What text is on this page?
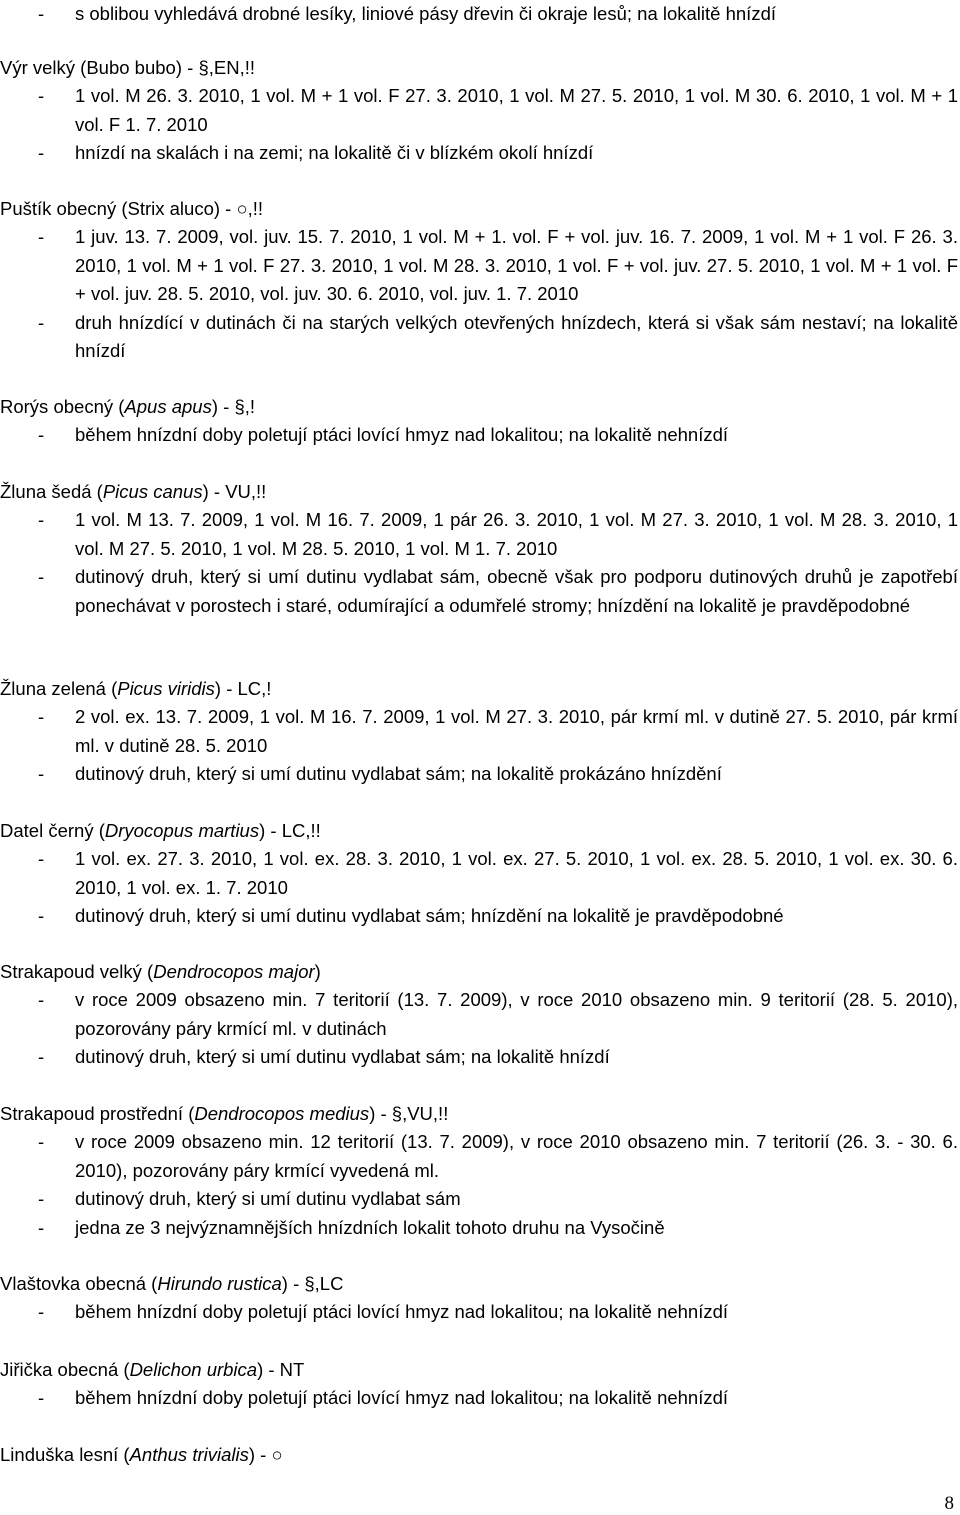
- s oblibou vyhledává drobné lesíky, liniové pásy dřevin či okraje lesů; na lokalitě hnízdí
Výr velký (Bubo bubo) - §,EN,!!
- 1 vol. M 26. 3. 2010, 1 vol. M + 1 vol. F 27. 3. 2010, 1 vol. M 27. 5. 2010, 1 vol. M 30. 6. 2010, 1 vol. M + 1 vol. F 1. 7. 2010
- hnízdí na skalách i na zemi; na lokalitě či v blízkém okolí hnízdí
Puštík obecný (Strix aluco) - ○,!!
- 1 juv. 13. 7. 2009, vol. juv. 15. 7. 2010, 1 vol. M + 1. vol. F + vol. juv. 16. 7. 2009, 1 vol. M + 1 vol. F 26. 3. 2010, 1 vol. M + 1 vol. F 27. 3. 2010, 1 vol. M 28. 3. 2010, 1 vol. F + vol. juv. 27. 5. 2010, 1 vol. M + 1 vol. F + vol. juv. 28. 5. 2010, vol. juv. 30. 6. 2010, vol. juv. 1. 7. 2010
- druh hnízdící v dutinách či na starých velkých otevřených hnízdech, která si však sám nestaví; na lokalitě hnízdí
Rorýs obecný (Apus apus) - §,!
- během hnízdní doby poletují ptáci lovící hmyz nad lokalitou; na lokalitě nehnízdí
Žluna šedá (Picus canus) - VU,!!
- 1 vol. M 13. 7. 2009, 1 vol. M 16. 7. 2009, 1 pár 26. 3. 2010, 1 vol. M 27. 3. 2010, 1 vol. M 28. 3. 2010, 1 vol. M 27. 5. 2010, 1 vol. M 28. 5. 2010, 1 vol. M 1. 7. 2010
- dutinový druh, který si umí dutinu vydlabat sám, obecně však pro podporu dutinových druhů je zapotřebí ponechávat v porostech i staré, odumírající a odumřelé stromy; hnízdění na lokalitě je pravděpodobné
Žluna zelená (Picus viridis) - LC,!
- 2 vol. ex. 13. 7. 2009, 1 vol. M 16. 7. 2009, 1 vol. M 27. 3. 2010, pár krmí ml. v dutině 27. 5. 2010, pár krmí ml. v dutině 28. 5. 2010
- dutinový druh, který si umí dutinu vydlabat sám; na lokalitě prokázáno hnízdění
Datel černý (Dryocopus martius) - LC,!!
- 1 vol. ex. 27. 3. 2010, 1 vol. ex. 28. 3. 2010, 1 vol. ex. 27. 5. 2010, 1 vol. ex. 28. 5. 2010, 1 vol. ex. 30. 6. 2010, 1 vol. ex. 1. 7. 2010
- dutinový druh, který si umí dutinu vydlabat sám; hnízdění na lokalitě je pravděpodobné
Strakapoud velký (Dendrocopos major)
- v roce 2009 obsazeno min. 7 teritorií (13. 7. 2009), v roce 2010 obsazeno min. 9 teritorií (28. 5. 2010), pozorovány páry krmící ml. v dutinách
- dutinový druh, který si umí dutinu vydlabat sám; na lokalitě hnízdí
Strakapoud prostřední (Dendrocopos medius) - §,VU,!!
- v roce 2009 obsazeno min. 12 teritorií (13. 7. 2009), v roce 2010 obsazeno min. 7 teritorií (26. 3. - 30. 6. 2010), pozorovány páry krmící vyvedená ml.
- dutinový druh, který si umí dutinu vydlabat sám
- jedna ze 3 nejvýznamnějších hnízdních lokalit tohoto druhu na Vysočině
Vlaštovka obecná (Hirundo rustica) - §,LC
- během hnízdní doby poletují ptáci lovící hmyz nad lokalitou; na lokalitě nehnízdí
Jiřička obecná (Delichon urbica) - NT
- během hnízdní doby poletují ptáci lovící hmyz nad lokalitou; na lokalitě nehnízdí
Linduška lesní (Anthus trivialis) - ○
8
